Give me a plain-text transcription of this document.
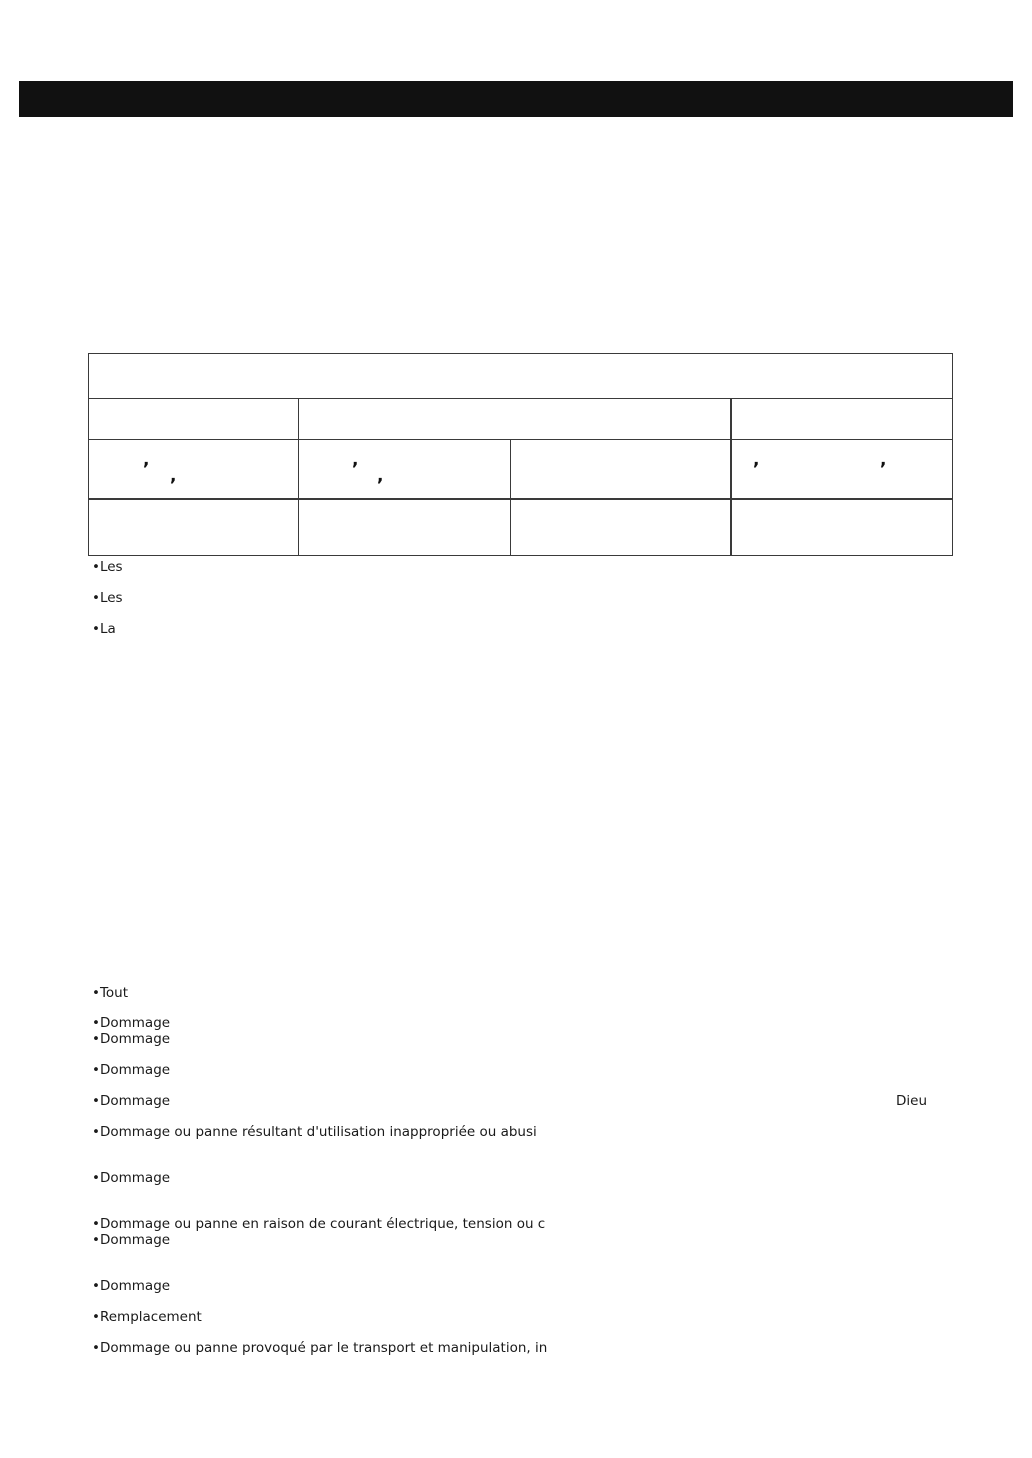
,
,
,
,
,	,
•Les
•Les
•La
•Tout
•Dommage
•Dommage
•Dommage
•Dommage	Dieu
•Dommage ou panne résultant d'utilisation inappropriée ou abusi
•Dommage
•Dommage ou panne en raison de courant électrique, tension ou c
•Dommage
•Dommage
•Remplacement
•Dommage ou panne provoqué par le transport et manipulation, in
